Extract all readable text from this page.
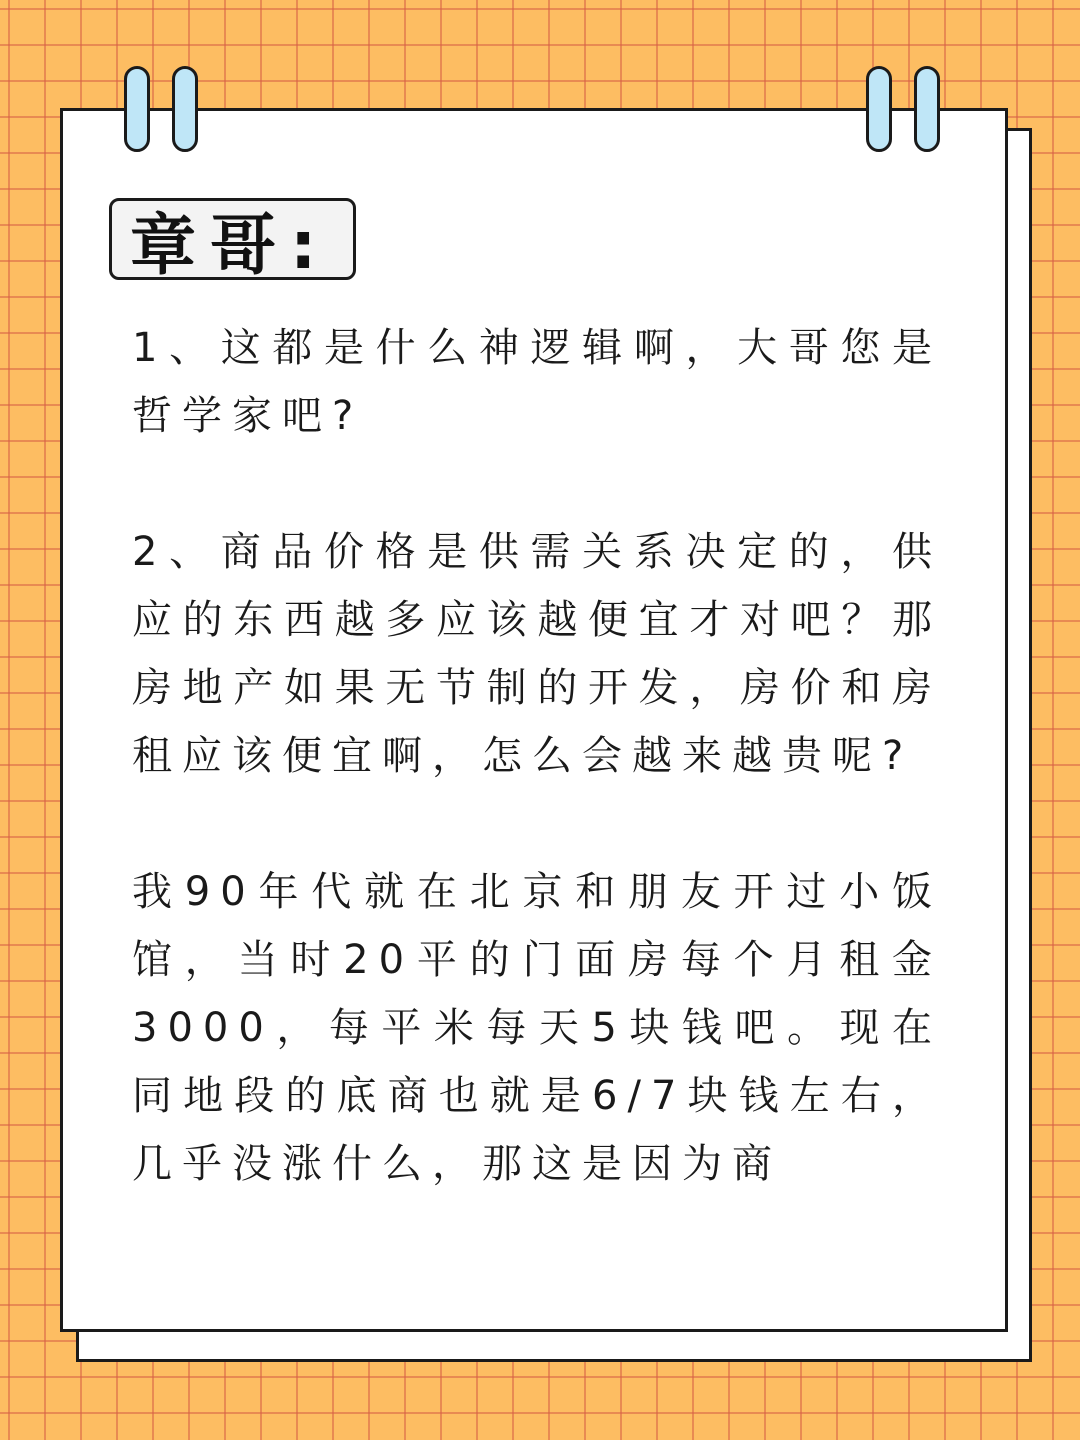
章哥:

1、这都是什么神逻辑啊，大哥您是哲学家吧?

2、商品价格是供需关系决定的，供应的东西越多应该越便宜才对吧？那房地产如果无节制的开发，房价和房租应该便宜啊，怎么会越来越贵呢?

我90年代就在北京和朋友开过小饭馆，当时20平的门面房每个月租金3000，每平米每天5块钱吧。现在同地段的底商也就是6/7块钱左右，几乎没涨什么，那这是因为商
